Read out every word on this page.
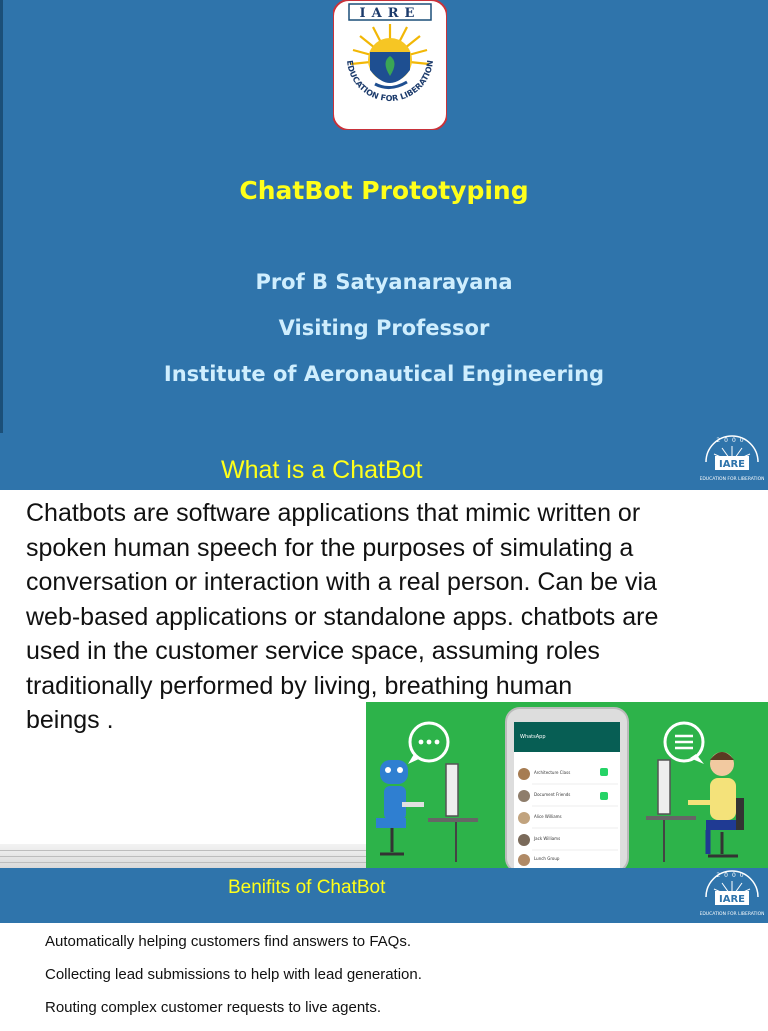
IARE
EDUCATION FOR LIBERATION
ChatBot Prototyping
Prof B Satyanarayana
Visiting Professor
Institute of Aeronautical Engineering
What is a ChatBot
2000
IARE
EDUCATION FOR LIBERATION

Chatbots are software applications that mimic written or

spoken human speech for the purposes of simulating a

conversation or interaction with a real person. Can be via

web-based applications or standalone apps. chatbots are

used in the customer service space, assuming roles

traditionally performed by living, breathing human

beings .

WhatsApp
Architecture Class
Document Friends
Alice Williams
Jack Williams
Lunch Group
Benifits of ChatBot
2000
IARE
EDUCATION FOR LIBERATION
Automatically helping customers find answers to FAQs.
Collecting lead submissions to help with lead generation.
Routing complex customer requests to live agents.
